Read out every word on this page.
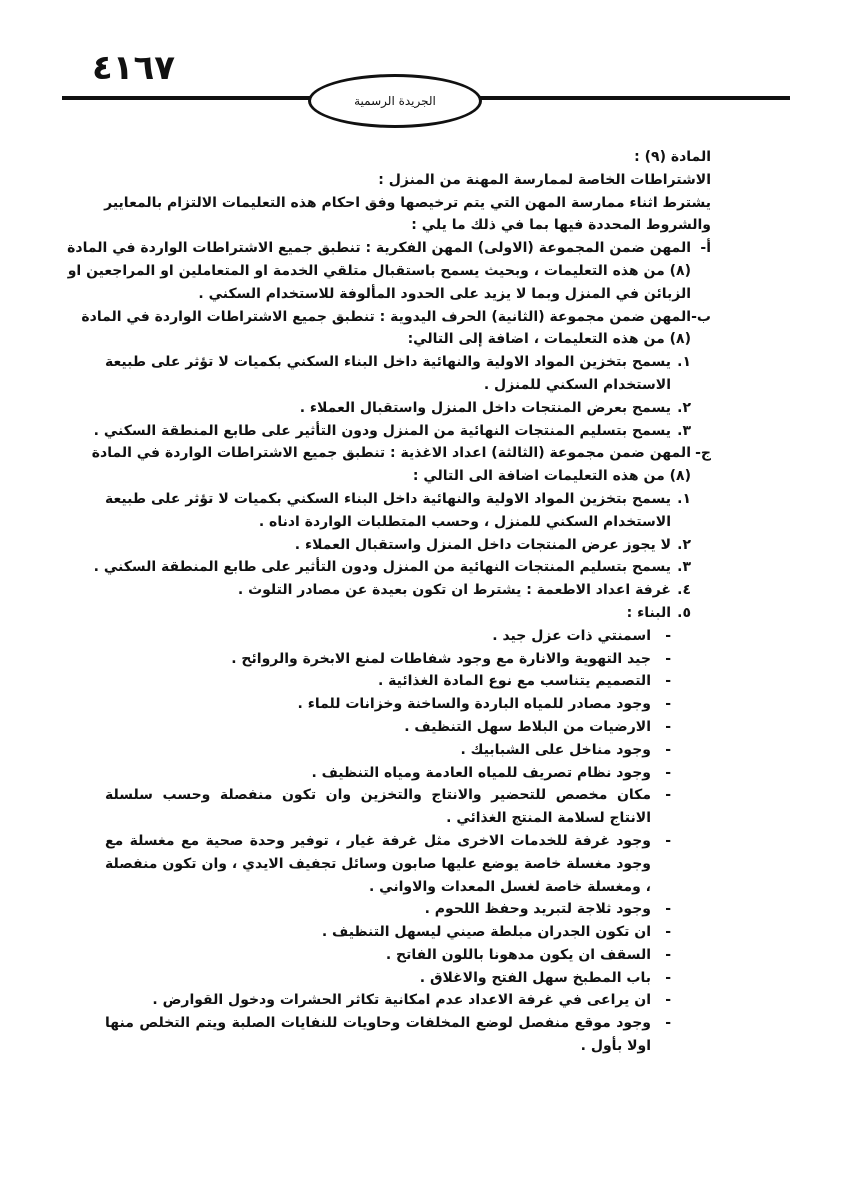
٤١٦٧
الجريدة الرسمية
المادة (٩) :
الاشتراطات الخاصة لممارسة المهنة من المنزل :
يشترط اثناء ممارسة المهن التي يتم ترخيصها وفق احكام هذه التعليمات الالتزام بالمعايير
والشروط المحددة فيها بما في ذلك ما يلي :
أ-
المهن ضمن المجموعة (الاولى) المهن الفكرية : تنطبق جميع الاشتراطات الواردة في المادة
(٨) من هذه التعليمات ، وبحيث يسمح باستقبال متلقي الخدمة او المتعاملين او المراجعين او
الزبائن في المنزل وبما لا يزيد على الحدود المألوفة للاستخدام السكني .
ب-
المهن ضمن مجموعة (الثانية) الحرف اليدوية : تنطبق جميع الاشتراطات الواردة في المادة
(٨) من هذه التعليمات ، اضافة إلى التالي:
١.
يسمح بتخزين المواد الاولية والنهائية داخل البناء السكني بكميات لا تؤثر على طبيعة
الاستخدام السكني للمنزل .
٢.
يسمح بعرض المنتجات داخل المنزل واستقبال العملاء .
٣.
يسمح بتسليم المنتجات النهائية من المنزل ودون التأثير على طابع المنطقة السكني .
ج-
المهن ضمن مجموعة (الثالثة) اعداد الاغذية : تنطبق جميع الاشتراطات الواردة في المادة
(٨) من هذه التعليمات اضافة الى التالي :
١.
يسمح بتخزين المواد الاولية والنهائية داخل البناء السكني بكميات لا تؤثر على طبيعة
الاستخدام السكني للمنزل ، وحسب المتطلبات الواردة ادناه .
٢.
لا يجوز عرض المنتجات داخل المنزل واستقبال العملاء .
٣.
يسمح بتسليم المنتجات النهائية من المنزل ودون التأثير على طابع المنطقة السكني .
٤.
غرفة اعداد الاطعمة : يشترط ان تكون بعيدة عن مصادر التلوث .
٥.
البناء :
-
اسمنتي ذات عزل جيد .
-
جيد التهوية والانارة مع وجود شفاطات لمنع الابخرة والروائح .
-
التصميم يتناسب مع نوع المادة الغذائية .
-
وجود مصادر للمياه الباردة والساخنة وخزانات للماء .
-
الارضيات من البلاط سهل التنظيف .
-
وجود مناخل على الشبابيك .
-
وجود نظام تصريف للمياه العادمة ومياه التنظيف .
-
مكان مخصص للتحضير والانتاج والتخزين وان تكون منفصلة وحسب سلسلة
الانتاج لسلامة المنتج الغذائي .
-
وجود غرفة للخدمات الاخرى مثل غرفة غيار ، توفير وحدة صحية مع مغسلة مع
وجود مغسلة خاصة يوضع عليها صابون وسائل تجفيف الايدي ، وان تكون منفصلة
، ومغسلة خاصة لغسل المعدات والاواني .
-
وجود ثلاجة لتبريد وحفظ اللحوم .
-
ان تكون الجدران مبلطة صيني ليسهل التنظيف .
-
السقف ان يكون مدهونا باللون الفاتح .
-
باب المطبخ سهل الفتح والاغلاق .
-
ان يراعى في غرفة الاعداد عدم امكانية تكاثر الحشرات ودخول القوارض .
-
وجود موقع منفصل لوضع المخلفات وحاويات للنفايات الصلبة ويتم التخلص منها
اولا بأول .
